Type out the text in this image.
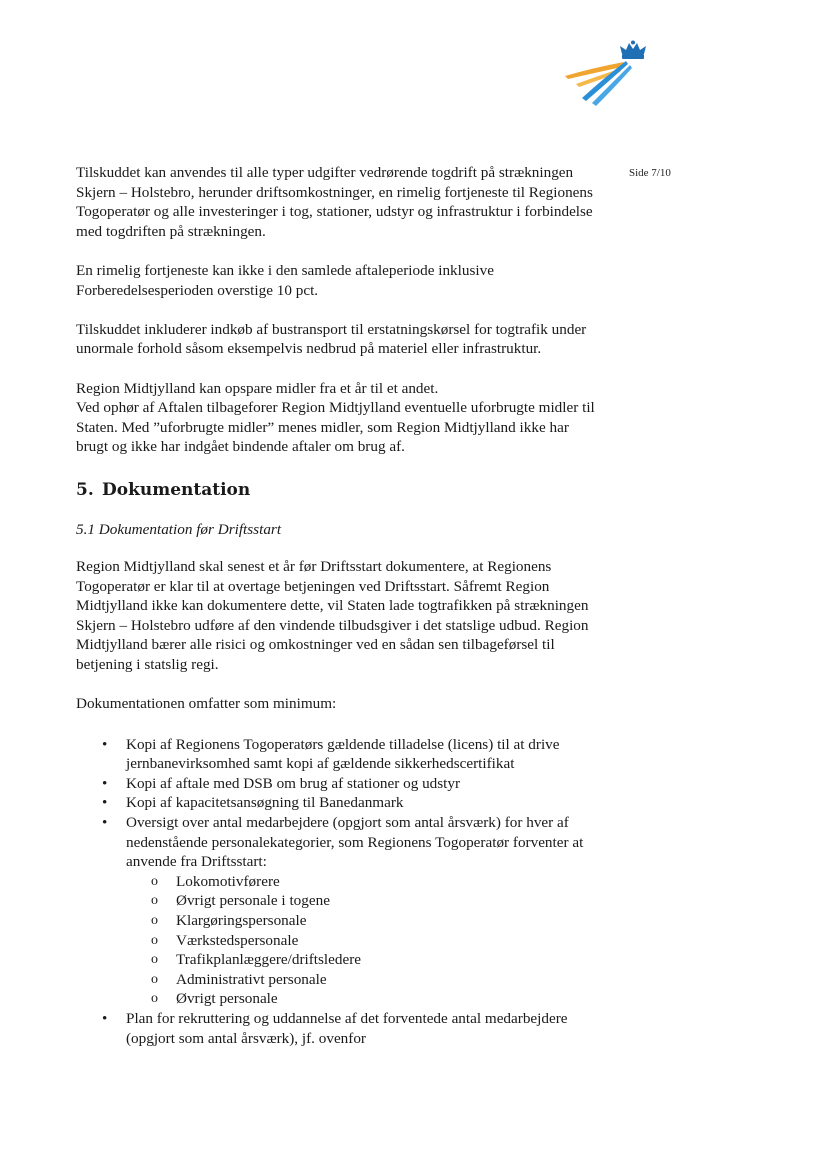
Side 7/10

Tilskuddet kan anvendes til alle typer udgifter vedrørende togdrift på strækningen Skjern – Holstebro, herunder driftsomkostninger, en rimelig fortjeneste til Regionens Togoperatør og alle investeringer i tog, stationer, udstyr og infrastruktur i forbindelse med togdriften på strækningen.

En rimelig fortjeneste kan ikke i den samlede aftaleperiode inklusive Forberedelsesperioden overstige 10 pct.

Tilskuddet inkluderer indkøb af bustransport til erstatningskørsel for togtrafik under unormale forhold såsom eksempelvis nedbrud på materiel eller infrastruktur.

Region Midtjylland kan opspare midler fra et år til et andet.

Ved ophør af Aftalen tilbageforer Region Midtjylland eventuelle uforbrugte midler til Staten. Med ”uforbrugte midler” menes midler, som Region Midtjylland ikke har brugt og ikke har indgået bindende aftaler om brug af.

5. Dokumentation
5.1 Dokumentation før Driftsstart

Region Midtjylland skal senest et år før Driftsstart dokumentere, at Regionens Togoperatør er klar til at overtage betjeningen ved Driftsstart. Såfremt Region Midtjylland ikke kan dokumentere dette, vil Staten lade togtrafikken på strækningen Skjern – Holstebro udføre af den vindende tilbudsgiver i det statslige udbud. Region Midtjylland bærer alle risici og omkostninger ved en sådan sen tilbageførsel til betjening i statslig regi.

Dokumentationen omfatter som minimum:

• Kopi af Regionens Togoperatørs gældende tilladelse (licens) til at drive jernbanevirksomhed samt kopi af gældende sikkerhedscertifikat
• Kopi af aftale med DSB om brug af stationer og udstyr
• Kopi af kapacitetsansøgning til Banedanmark
• Oversigt over antal medarbejdere (opgjort som antal årsværk) for hver af nedenstående personalekategorier, som Regionens Togoperatør forventer at anvende fra Driftsstart:
o Lokomotivførere
o Øvrigt personale i togene
o Klargøringspersonale
o Værkstedspersonale
o Trafikplanlæggere/driftsledere
o Administrativt personale
o Øvrigt personale
• Plan for rekruttering og uddannelse af det forventede antal medarbejdere (opgjort som antal årsværk), jf. ovenfor
